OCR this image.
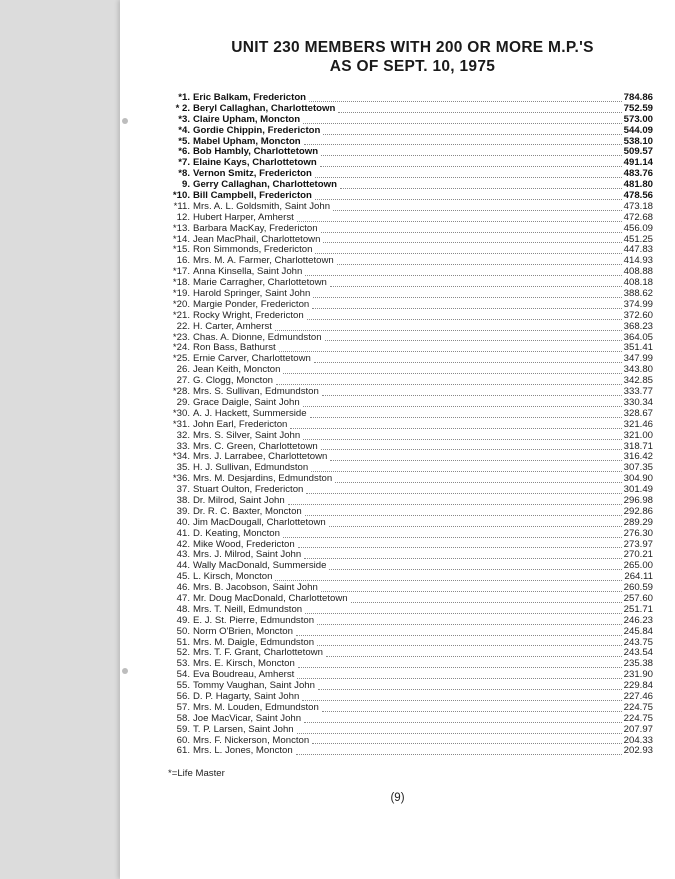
UNIT 230 MEMBERS WITH 200 OR MORE M.P.'S
AS OF SEPT. 10, 1975
*1. Eric Balkam, Fredericton	784.86
* 2. Beryl Callaghan, Charlottetown	752.59
*3. Claire Upham, Moncton	573.00
*4. Gordie Chippin, Fredericton	544.09
*5. Mabel Upham, Moncton	538.10
*6. Bob Hambly, Charlottetown	509.57
*7. Elaine Kays, Charlottetown	491.14
*8. Vernon Smitz, Fredericton	483.76
9. Gerry Callaghan, Charlottetown	481.80
*10. Bill Campbell, Fredericton	478.56
*11. Mrs. A. L. Goldsmith, Saint John	473.18
12. Hubert Harper, Amherst	472.68
*13. Barbara MacKay, Fredericton	456.09
*14. Jean MacPhail, Charlottetown	451.25
*15. Ron Simmonds, Fredericton	447.83
16. Mrs. M. A. Farmer, Charlottetown	414.93
*17. Anna Kinsella, Saint John	408.88
*18. Marie Carragher, Charlottetown	408.18
*19. Harold Springer, Saint John	388.62
*20. Margie Ponder, Fredericton	374.99
*21. Rocky Wright, Fredericton	372.60
22. H. Carter, Amherst	368.23
*23. Chas. A. Dionne, Edmundston	364.05
*24. Ron Bass, Bathurst	351.41
*25. Ernie Carver, Charlottetown	347.99
26. Jean Keith, Moncton	343.80
27. G. Clogg, Moncton	342.85
*28. Mrs. S. Sullivan, Edmundston	333.77
29. Grace Daigle, Saint John	330.34
*30. A. J. Hackett, Summerside	328.67
*31. John Earl, Fredericton	321.46
32. Mrs. S. Silver, Saint John	321.00
33. Mrs. C. Green, Charlottetown	318.71
*34. Mrs. J. Larrabee, Charlottetown	316.42
35. H. J. Sullivan, Edmundston	307.35
*36. Mrs. M. Desjardins, Edmundston	304.90
37. Stuart Oulton, Fredericton	301.49
38. Dr. Milrod, Saint John	296.98
39. Dr. R. C. Baxter, Moncton	292.86
40. Jim MacDougall, Charlottetown	289.29
41. D. Keating, Moncton	276.30
42. Mike Wood, Fredericton	273.97
43. Mrs. J. Milrod, Saint John	270.21
44. Wally MacDonald, Summerside	265.00
45. L. Kirsch, Moncton	264.11
46. Mrs. B. Jacobson, Saint John	260.59
47. Mr. Doug MacDonald, Charlottetown	257.60
48. Mrs. T. Neill, Edmundston	251.71
49. E. J. St. Pierre, Edmundston	246.23
50. Norm O'Brien, Moncton	245.84
51. Mrs. M. Daigle, Edmundston	243.75
52. Mrs. T. F. Grant, Charlottetown	243.54
53. Mrs. E. Kirsch, Moncton	235.38
54. Eva Boudreau, Amherst	231.90
55. Tommy Vaughan, Saint John	229.84
56. D. P. Hagarty, Saint John	227.46
57. Mrs. M. Louden, Edmundston	224.75
58. Joe MacVicar, Saint John	224.75
59. T. P. Larsen, Saint John	207.97
60. Mrs. F. Nickerson, Moncton	204.33
61. Mrs. L. Jones, Moncton	202.93
*=Life Master
(9)
